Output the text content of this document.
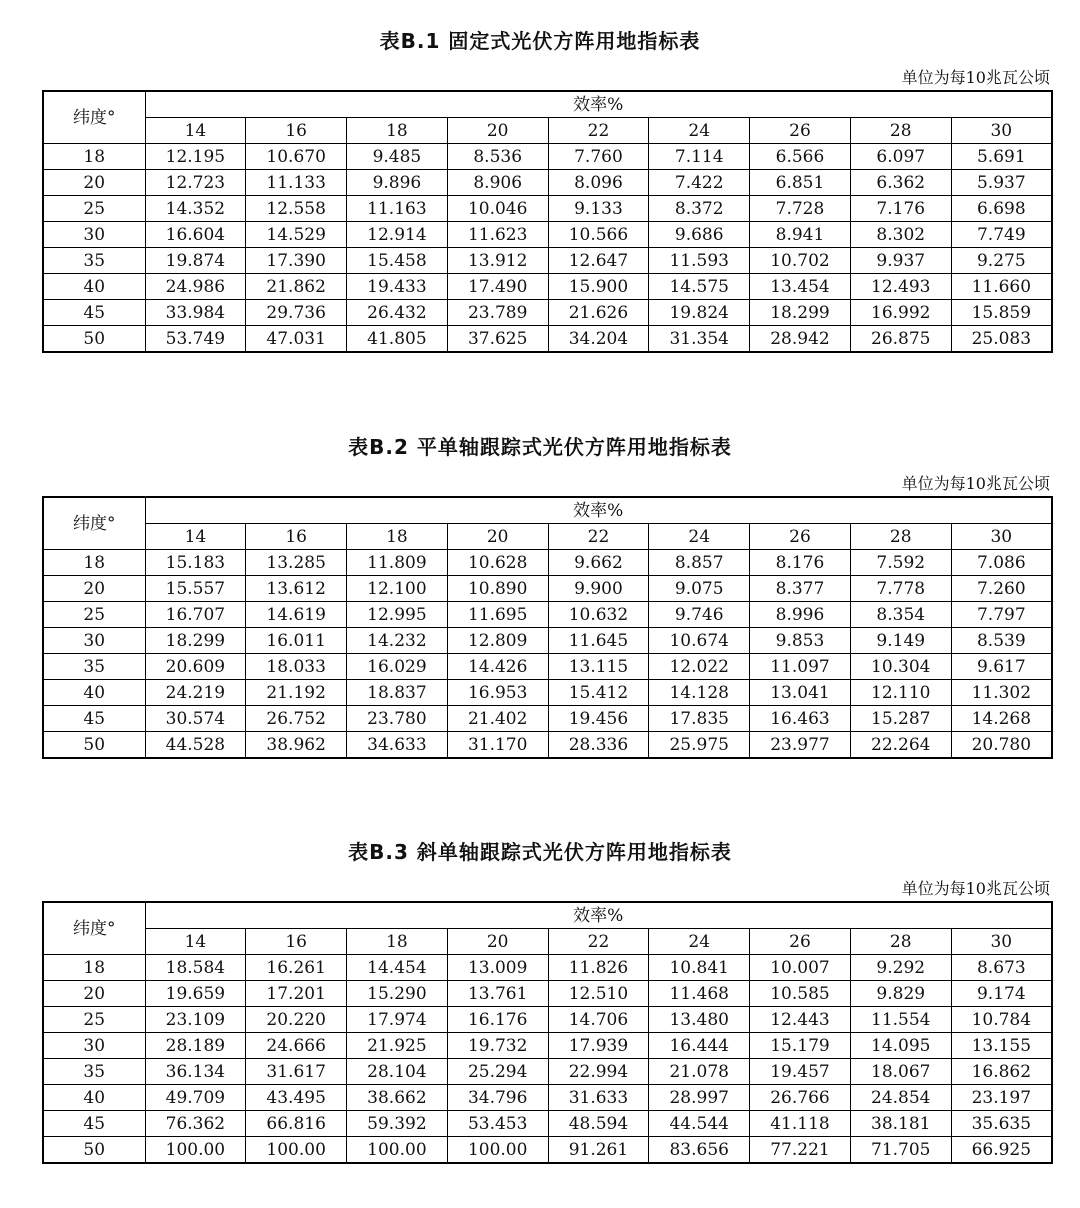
表B.1 固定式光伏方阵用地指标表
单位为每10兆瓦公顷
纬度°	效率%								
	14	16	18	20	22	24	26	28	30
18	12.195	10.670	9.485	8.536	7.760	7.114	6.566	6.097	5.691
20	12.723	11.133	9.896	8.906	8.096	7.422	6.851	6.362	5.937
25	14.352	12.558	11.163	10.046	9.133	8.372	7.728	7.176	6.698
30	16.604	14.529	12.914	11.623	10.566	9.686	8.941	8.302	7.749
35	19.874	17.390	15.458	13.912	12.647	11.593	10.702	9.937	9.275
40	24.986	21.862	19.433	17.490	15.900	14.575	13.454	12.493	11.660
45	33.984	29.736	26.432	23.789	21.626	19.824	18.299	16.992	15.859
50	53.749	47.031	41.805	37.625	34.204	31.354	28.942	26.875	25.083
表B.2 平单轴跟踪式光伏方阵用地指标表
单位为每10兆瓦公顷
纬度°	效率%								
	14	16	18	20	22	24	26	28	30
18	15.183	13.285	11.809	10.628	9.662	8.857	8.176	7.592	7.086
20	15.557	13.612	12.100	10.890	9.900	9.075	8.377	7.778	7.260
25	16.707	14.619	12.995	11.695	10.632	9.746	8.996	8.354	7.797
30	18.299	16.011	14.232	12.809	11.645	10.674	9.853	9.149	8.539
35	20.609	18.033	16.029	14.426	13.115	12.022	11.097	10.304	9.617
40	24.219	21.192	18.837	16.953	15.412	14.128	13.041	12.110	11.302
45	30.574	26.752	23.780	21.402	19.456	17.835	16.463	15.287	14.268
50	44.528	38.962	34.633	31.170	28.336	25.975	23.977	22.264	20.780
表B.3 斜单轴跟踪式光伏方阵用地指标表
单位为每10兆瓦公顷
纬度°	效率%								
	14	16	18	20	22	24	26	28	30
18	18.584	16.261	14.454	13.009	11.826	10.841	10.007	9.292	8.673
20	19.659	17.201	15.290	13.761	12.510	11.468	10.585	9.829	9.174
25	23.109	20.220	17.974	16.176	14.706	13.480	12.443	11.554	10.784
30	28.189	24.666	21.925	19.732	17.939	16.444	15.179	14.095	13.155
35	36.134	31.617	28.104	25.294	22.994	21.078	19.457	18.067	16.862
40	49.709	43.495	38.662	34.796	31.633	28.997	26.766	24.854	23.197
45	76.362	66.816	59.392	53.453	48.594	44.544	41.118	38.181	35.635
50	100.00	100.00	100.00	100.00	91.261	83.656	77.221	71.705	66.925
